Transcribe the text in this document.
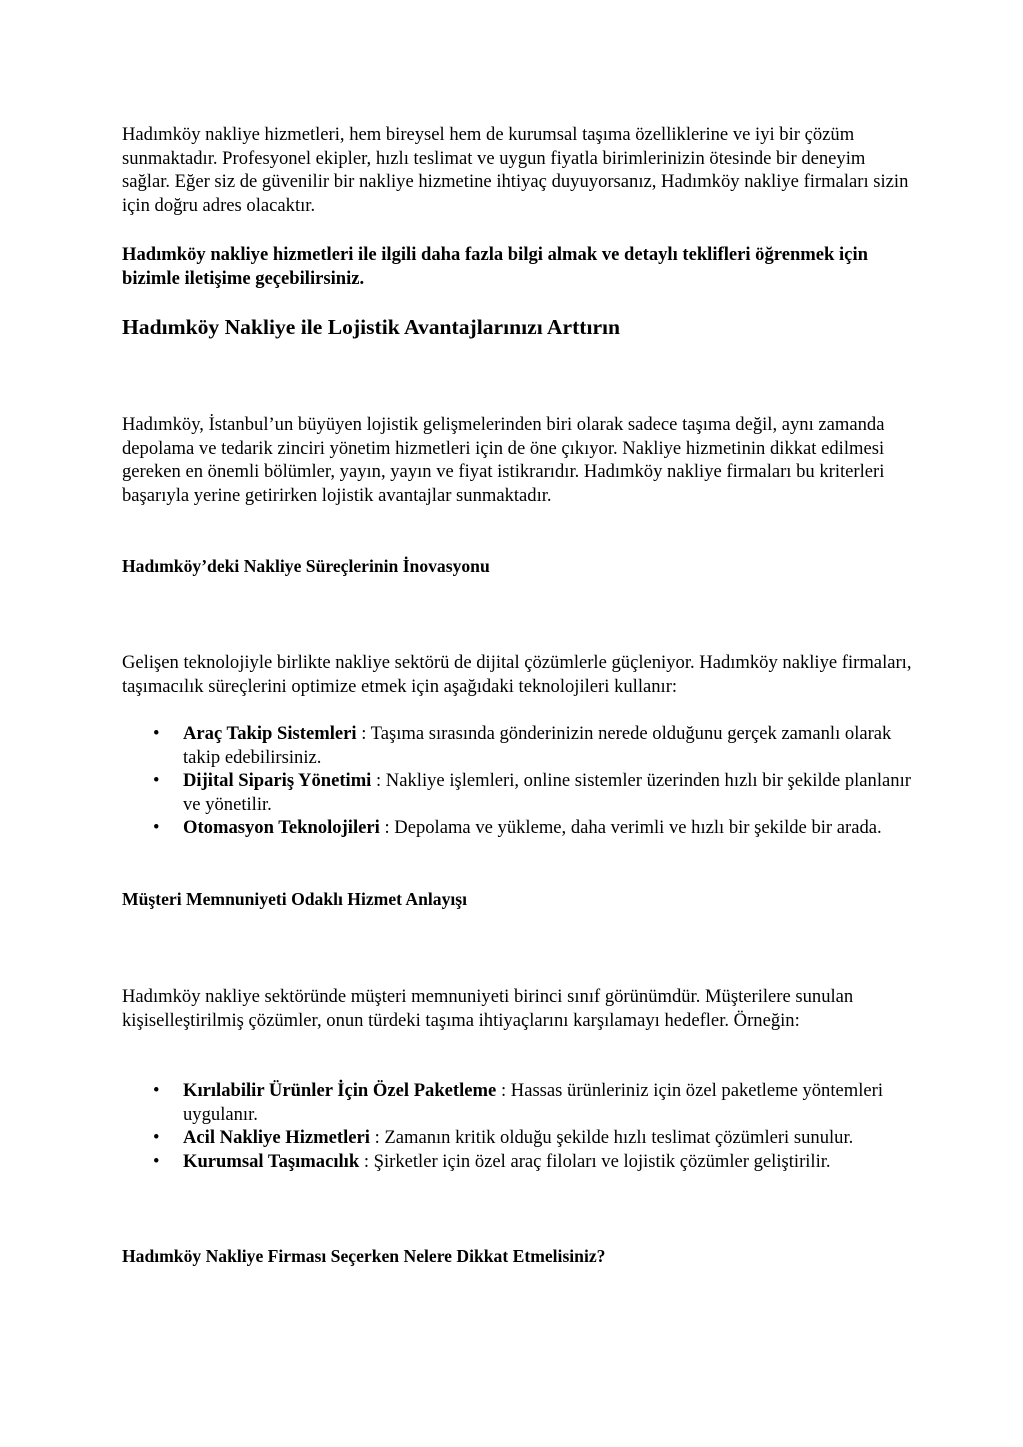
Hadımköy nakliye hizmetleri, hem bireysel hem de kurumsal taşıma özelliklerine ve iyi bir çözüm sunmaktadır. Profesyonel ekipler, hızlı teslimat ve uygun fiyatla birimlerinizin ötesinde bir deneyim sağlar. Eğer siz de güvenilir bir nakliye hizmetine ihtiyaç duyuyorsanız, Hadımköy nakliye firmaları sizin için doğru adres olacaktır.

Hadımköy nakliye hizmetleri ile ilgili daha fazla bilgi almak ve detaylı teklifleri öğrenmek için bizimle iletişime geçebilirsiniz.

Hadımköy Nakliye ile Lojistik Avantajlarınızı Arttırın

Hadımköy, İstanbul’un büyüyen lojistik gelişmelerinden biri olarak sadece taşıma değil, aynı zamanda depolama ve tedarik zinciri yönetim hizmetleri için de öne çıkıyor. Nakliye hizmetinin dikkat edilmesi gereken en önemli bölümler, yayın, yayın ve fiyat istikrarıdır. Hadımköy nakliye firmaları bu kriterleri başarıyla yerine getirirken lojistik avantajlar sunmaktadır.

Hadımköy’deki Nakliye Süreçlerinin İnovasyonu

Gelişen teknolojiyle birlikte nakliye sektörü de dijital çözümlerle güçleniyor. Hadımköy nakliye firmaları, taşımacılık süreçlerini optimize etmek için aşağıdaki teknolojileri kullanır:

• Araç Takip Sistemleri : Taşıma sırasında gönderinizin nerede olduğunu gerçek zamanlı olarak takip edebilirsiniz.
• Dijital Sipariş Yönetimi : Nakliye işlemleri, online sistemler üzerinden hızlı bir şekilde planlanır ve yönetilir.
• Otomasyon Teknolojileri : Depolama ve yükleme, daha verimli ve hızlı bir şekilde bir arada.
Müşteri Memnuniyeti Odaklı Hizmet Anlayışı

Hadımköy nakliye sektöründe müşteri memnuniyeti birinci sınıf görünümdür. Müşterilere sunulan kişiselleştirilmiş çözümler, onun türdeki taşıma ihtiyaçlarını karşılamayı hedefler. Örneğin:

• Kırılabilir Ürünler İçin Özel Paketleme : Hassas ürünleriniz için özel paketleme yöntemleri uygulanır.
• Acil Nakliye Hizmetleri : Zamanın kritik olduğu şekilde hızlı teslimat çözümleri sunulur.
• Kurumsal Taşımacılık : Şirketler için özel araç filoları ve lojistik çözümler geliştirilir.
Hadımköy Nakliye Firması Seçerken Nelere Dikkat Etmelisiniz?
